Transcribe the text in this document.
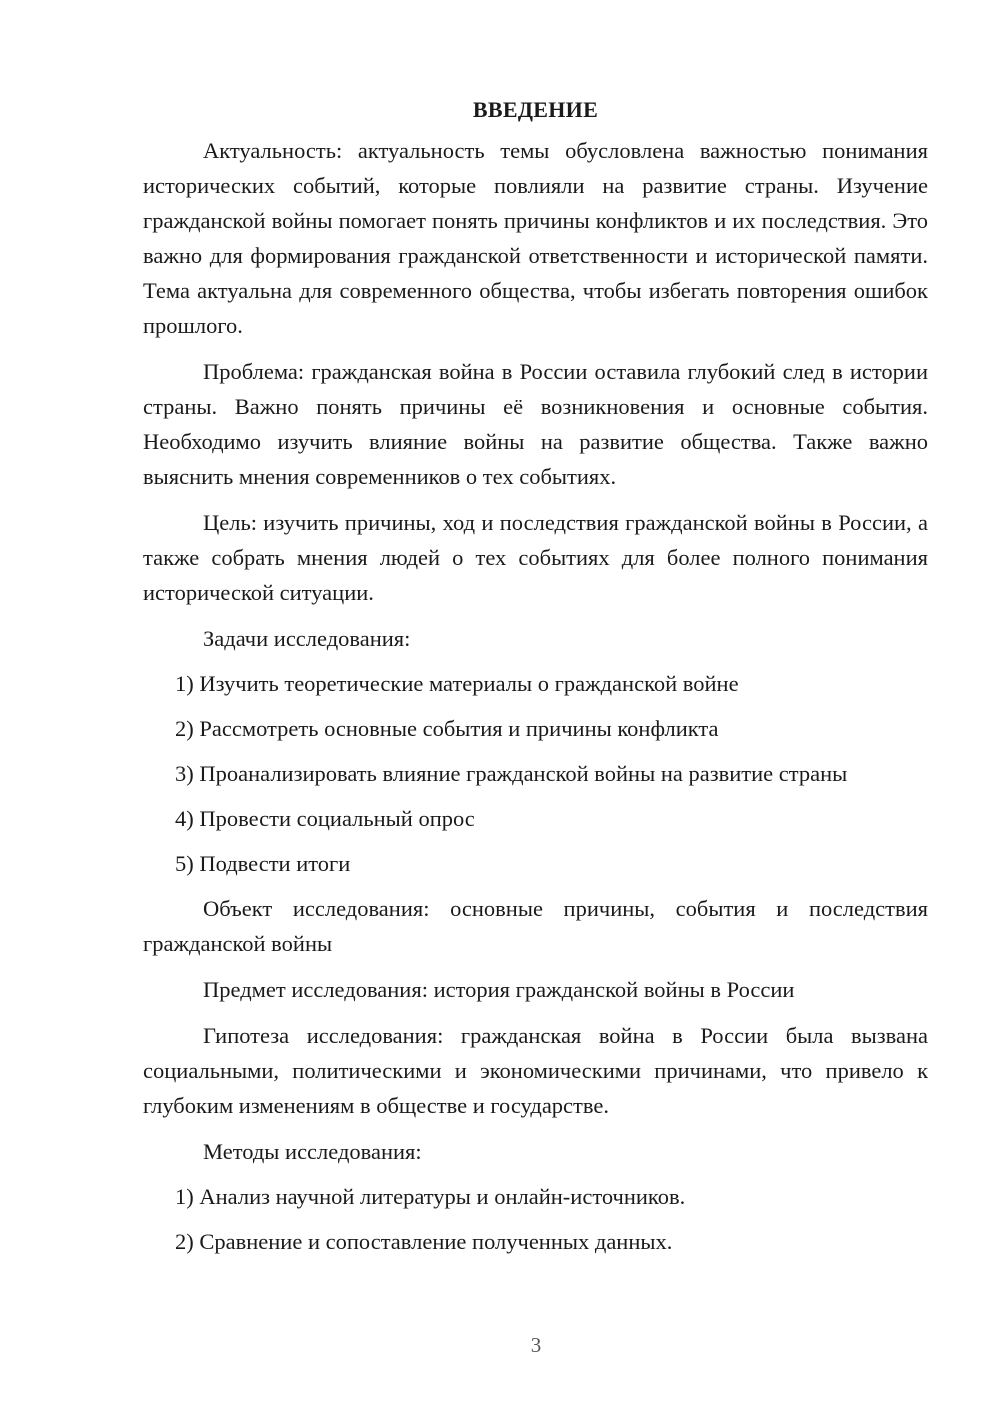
ВВЕДЕНИЕ

Актуальность: актуальность темы обусловлена важностью понимания исторических событий, которые повлияли на развитие страны. Изучение гражданской войны помогает понять причины конфликтов и их последствия. Это важно для формирования гражданской ответственности и исторической памяти. Тема актуальна для современного общества, чтобы избегать повторения ошибок прошлого.

Проблема: гражданская война в России оставила глубокий след в истории страны. Важно понять причины её возникновения и основные события. Необходимо изучить влияние войны на развитие общества. Также важно выяснить мнения современников о тех событиях.

Цель: изучить причины, ход и последствия гражданской войны в России, а также собрать мнения людей о тех событиях для более полного понимания исторической ситуации.

Задачи исследования:

1) Изучить теоретические материалы о гражданской войне

2) Рассмотреть основные события и причины конфликта

3) Проанализировать влияние гражданской войны на развитие страны

4) Провести социальный опрос

5) Подвести итоги

Объект исследования: основные причины, события и последствия гражданской войны

Предмет исследования: история гражданской войны в России

Гипотеза исследования: гражданская война в России была вызвана социальными, политическими и экономическими причинами, что привело к глубоким изменениям в обществе и государстве.

Методы исследования:

1) Анализ научной литературы и онлайн-источников.

2) Сравнение и сопоставление полученных данных.

3
